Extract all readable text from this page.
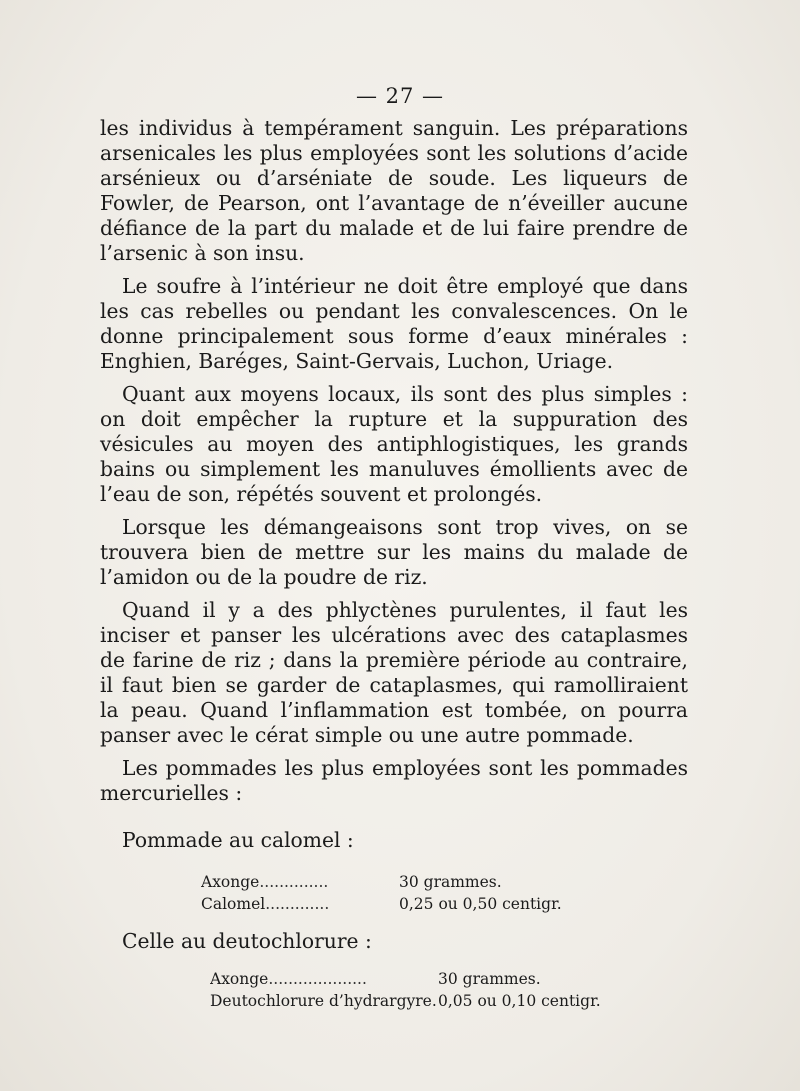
— 27 —

les individus à tempérament sanguin. Les préparations arsenicales les plus employées sont les solutions d’acide arsénieux ou d’arséniate de soude. Les liqueurs de Fowler, de Pearson, ont l’avantage de n’éveiller aucune défiance de la part du malade et de lui faire prendre de l’arsenic à son insu.

Le soufre à l’intérieur ne doit être employé que dans les cas rebelles ou pendant les convalescences. On le donne principalement sous forme d’eaux minérales : Enghien, Baréges, Saint-Gervais, Luchon, Uriage.

Quant aux moyens locaux, ils sont des plus simples : on doit empêcher la rupture et la suppuration des vésicules au moyen des antiphlogistiques, les grands bains ou simplement les manuluves émollients avec de l’eau de son, répétés souvent et prolongés.

Lorsque les démangeaisons sont trop vives, on se trouvera bien de mettre sur les mains du malade de l’amidon ou de la poudre de riz.

Quand il y a des phlyctènes purulentes, il faut les inciser et panser les ulcérations avec des cataplasmes de farine de riz ; dans la première période au contraire, il faut bien se garder de cataplasmes, qui ramolliraient la peau. Quand l’inflammation est tombée, on pourra panser avec le cérat simple ou une autre pommade.

Les pommades les plus employées sont les pommades mercurielles :

Pommade au calomel :

Axonge..............	30 grammes.
Calomel.............	0,25 ou 0,50 centigr.

Celle au deutochlorure :

Axonge....................	30 grammes.
Deutochlorure d’hydrargyre. 0,05 ou 0,10 centigr.
